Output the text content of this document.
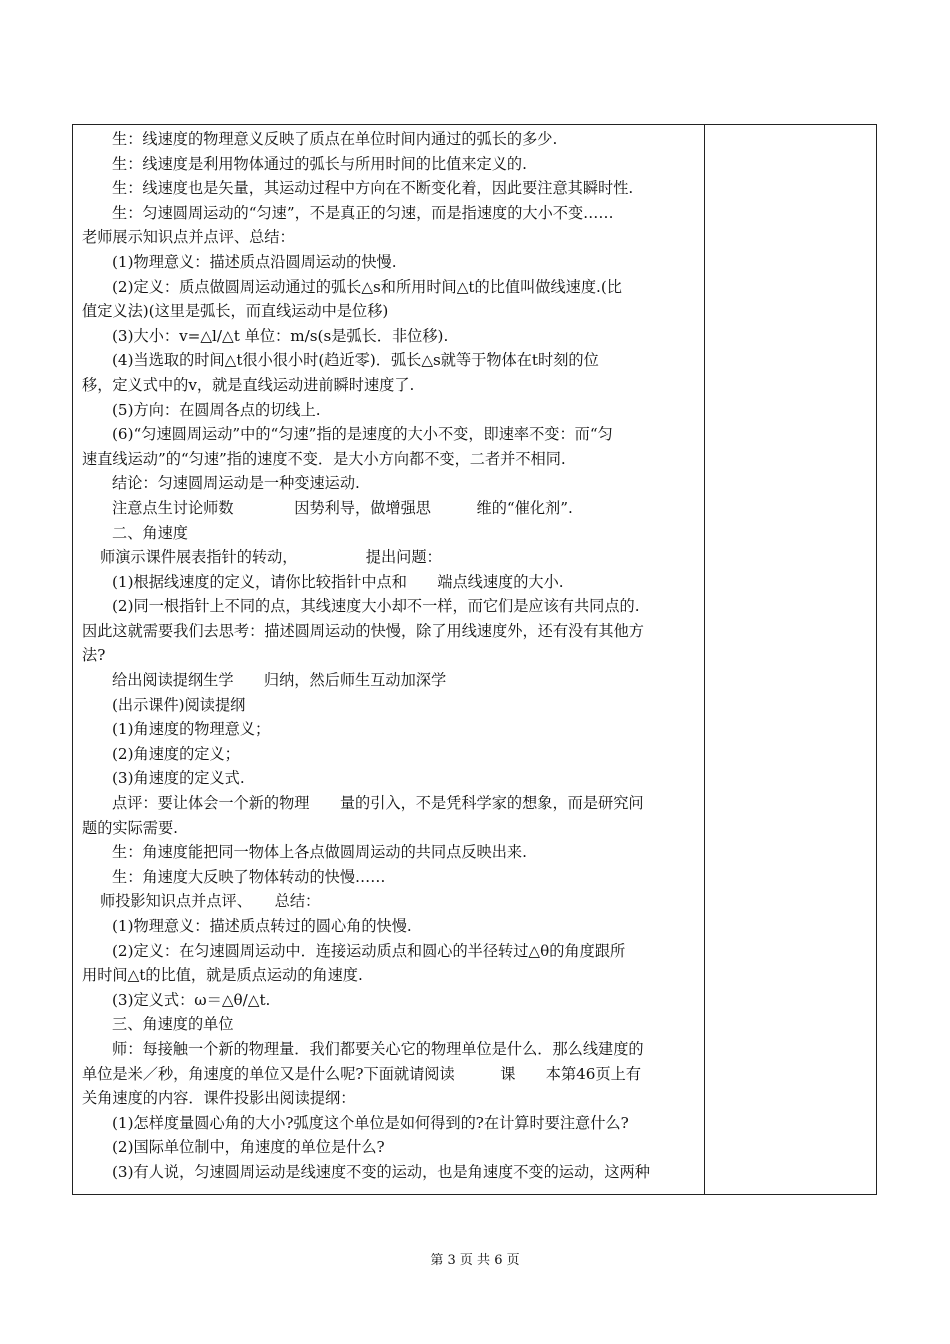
生：线速度的物理意义反映了质点在单位时间内通过的弧长的多少.
生：线速度是利用物体通过的弧长与所用时间的比值来定义的.
生：线速度也是矢量，其运动过程中方向在不断变化着，因此要注意其瞬时性.
生：匀速圆周运动的“匀速”，不是真正的匀速，而是指速度的大小不变……
老师展示知识点并点评、总结：
(1)物理意义：描述质点沿圆周运动的快慢.
(2)定义：质点做圆周运动通过的弧长△s和所用时间△t的比值叫做线速度.(比
值定义法)(这里是弧长，而直线运动中是位移)
(3)大小：v=△l/△t 单位：m/s(s是弧长．非位移).
(4)当选取的时间△t很小很小时(趋近零)．弧长△s就等于物体在t时刻的位
移，定义式中的v，就是直线运动进前瞬时速度了.
(5)方向：在圆周各点的切线上.
(6)“匀速圆周运动”中的“匀速”指的是速度的大小不变，即速率不变：而“匀
速直线运动”的“匀速”指的速度不变．是大小方向都不变，二者并不相同.
结论：匀速圆周运动是一种变速运动.
注意点生讨论师数　　　　因势利导，做增强思　　　维的“催化剂”.
二、角速度
师演示课件展表指针的转动，　　　　　提出问题：
(1)根据线速度的定义，请你比较指针中点和　　端点线速度的大小.
(2)同一根指针上不同的点，其线速度大小却不一样，而它们是应该有共同点的.
因此这就需要我们去思考：描述圆周运动的快慢，除了用线速度外，还有没有其他方
法?
给出阅读提纲生学　　归纳，然后师生互动加深学
(出示课件)阅读提纲
(1)角速度的物理意义；
(2)角速度的定义；
(3)角速度的定义式.
点评：要让体会一个新的物理　　量的引入，不是凭科学家的想象，而是研究问
题的实际需要.
生：角速度能把同一物体上各点做圆周运动的共同点反映出来.
生：角速度大反映了物体转动的快慢……
师投影知识点并点评、　　总结：
(1)物理意义：描述质点转过的圆心角的快慢.
(2)定义：在匀速圆周运动中．连接运动质点和圆心的半径转过△θ的角度跟所
用时间△t的比值，就是质点运动的角速度.
(3)定义式：ω＝△θ/△t.
三、角速度的单位
师：每接触一个新的物理量．我们都要关心它的物理单位是什么．那么线建度的
单位是米／秒，角速度的单位又是什么呢?下面就请阅读　　　课　　本第46页上有
关角速度的内容．课件投影出阅读提纲：
(1)怎样度量圆心角的大小?弧度这个单位是如何得到的?在计算时要注意什么?
(2)国际单位制中，角速度的单位是什么?
(3)有人说，匀速圆周运动是线速度不变的运动，也是角速度不变的运动，这两种
第 3 页 共 6 页
